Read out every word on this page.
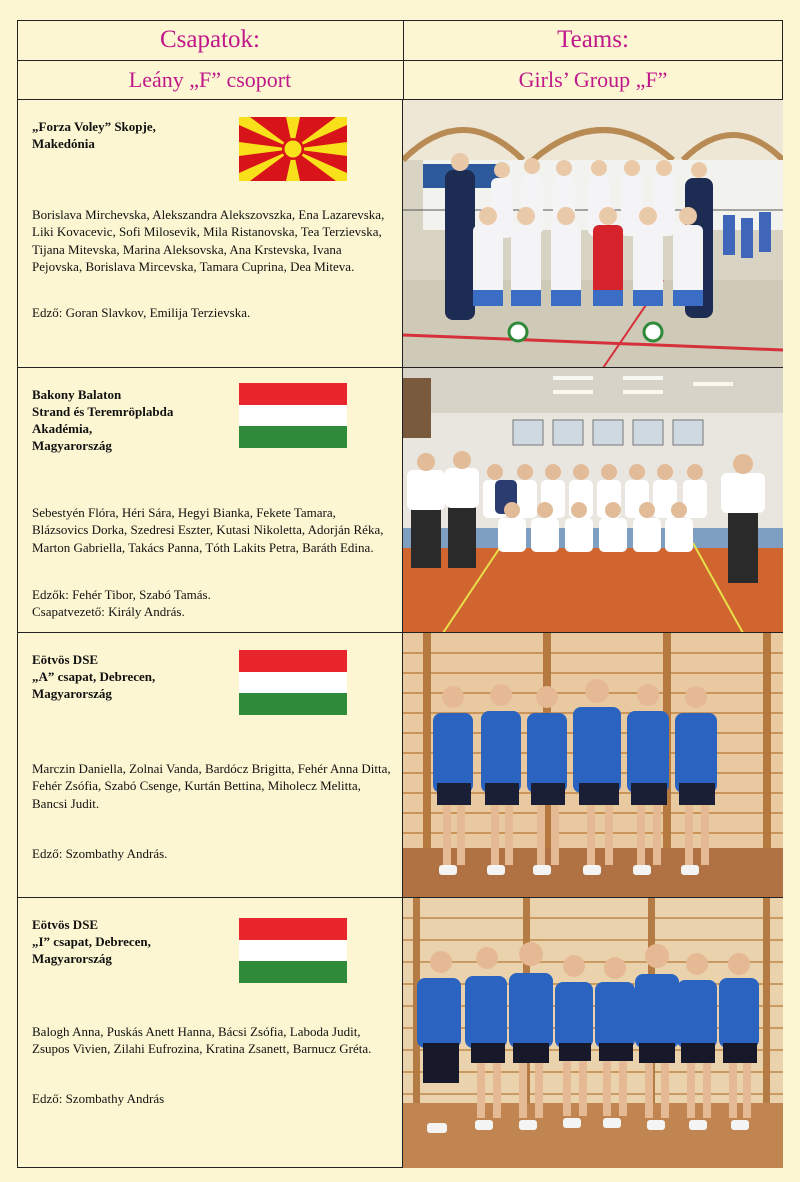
Csapatok:	Teams:
Leány „F” csoport	Girls’ Group „F”
„Forza Voley” Skopje,
Makedónia
Borislava Mirchevska, Alekszandra Alekszovszka, Ena Lazarevska, Liki Kovacevic, Sofi Milosevik, Mila Ristanovska, Tea Terzievska, Tijana Mitevska, Marina Aleksovska, Ana Krstevska, Ivana Pejovska, Borislava Mircevska, Tamara Cuprina, Dea Miteva.
Edző: Goran Slavkov, Emilija Terzievska.
Bakony Balaton
Strand és Teremröplabda
Akadémia,
Magyarország
Sebestyén Flóra, Héri Sára, Hegyi Bianka, Fekete Tamara, Blázsovics Dorka, Szedresi Eszter, Kutasi Nikoletta, Adorján Réka, Marton Gabriella, Takács Panna, Tóth Lakits Petra, Baráth Edina.
Edzők: Fehér Tibor, Szabó Tamás.
Csapatvezető: Király András.
Eötvös DSE
„A” csapat, Debrecen,
Magyarország
Marczin Daniella, Zolnai Vanda, Bardócz Brigitta, Fehér Anna Ditta, Fehér Zsófia, Szabó Csenge, Kurtán Bettina, Miholecz Melitta, Bancsi Judit.
Edző: Szombathy András.
Eötvös DSE
„I” csapat, Debrecen,
Magyarország
Balogh Anna, Puskás Anett Hanna, Bácsi Zsófia, Laboda Judit, Zsupos Vivien, Zilahi Eufrozina, Kratina Zsanett, Barnucz Gréta.
Edző: Szombathy András
